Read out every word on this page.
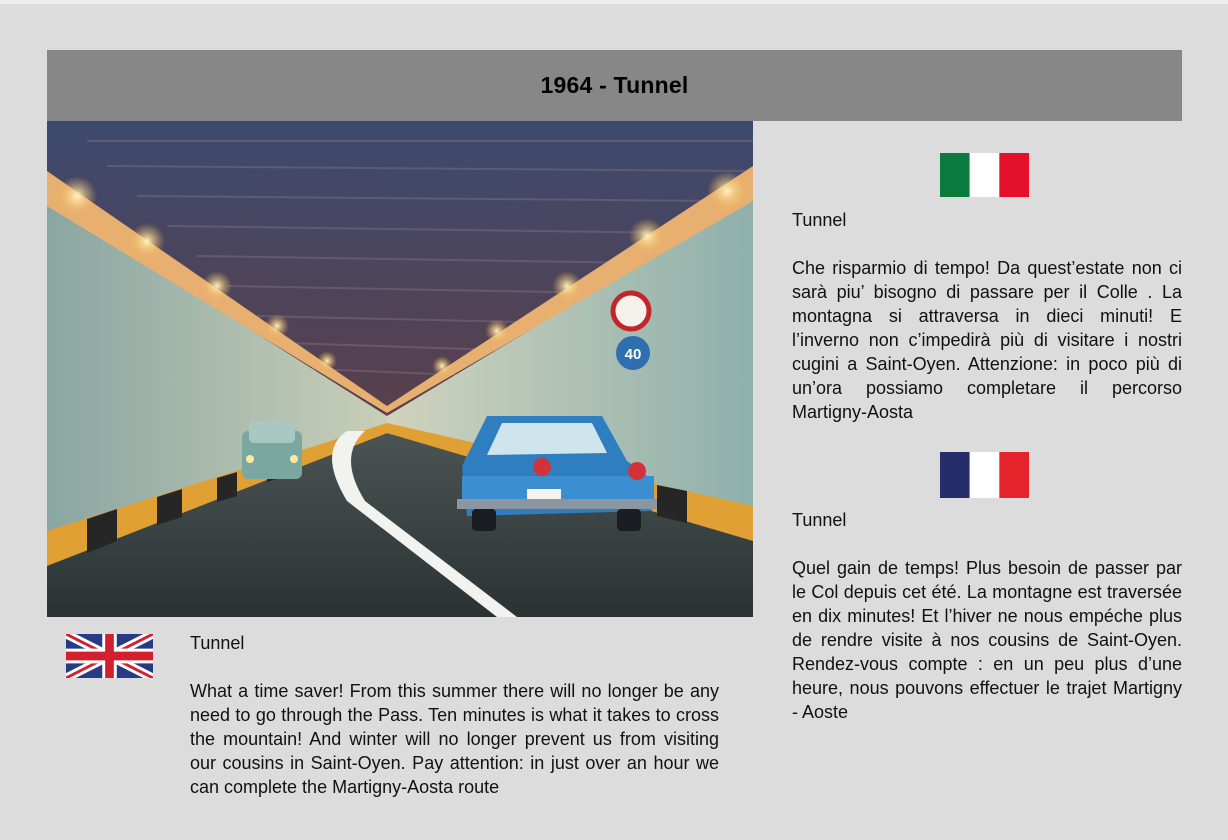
1964 - Tunnel
40
Tunnel
What a time saver! From this summer there will no longer be any need to go through the Pass. Ten minutes is what it takes to cross the mountain! And winter will no longer prevent us from visiting our cousins in Saint-Oyen. Pay attention: in just over an hour we can complete the Martigny-Aosta route
Tunnel
Che risparmio di tempo! Da quest’estate non ci sarà piu’ bisogno di passare per il Colle . La montagna si attraversa in dieci minuti! E l’inverno non c’impedirà più di visitare i nostri cugini a Saint-Oyen. Attenzione: in poco più di un’ora possiamo completare il percorso Martigny-Aosta
Tunnel
Quel gain de temps! Plus besoin de passer par le Col depuis cet été. La montagne est traversée en dix minutes! Et l’hiver ne nous empéche plus de rendre visite à nos cousins de Saint-Oyen. Rendez-vous compte : en un peu plus d’une heure, nous pouvons effectuer le trajet Martigny - Aoste
